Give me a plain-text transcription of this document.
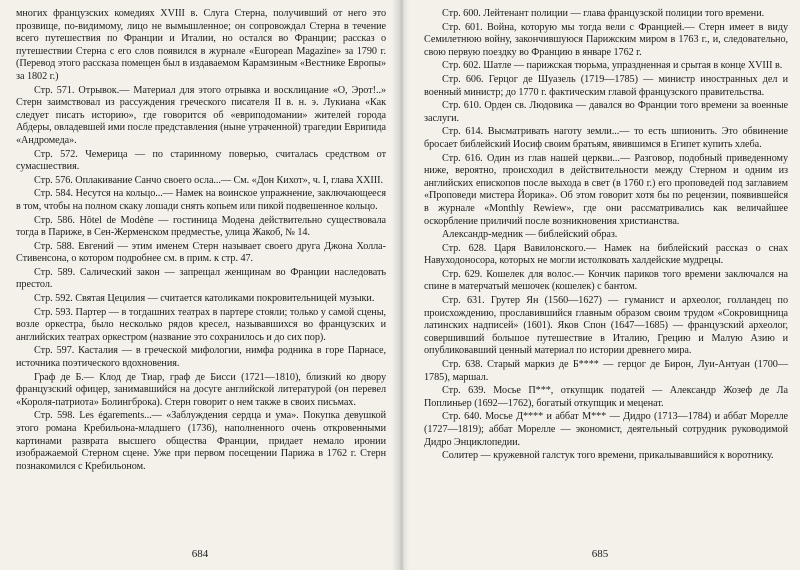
многих французских комедиях XVIII в. Слуга Стерна, получивший от него это прозвище, по-видимому, лицо не вымышленное; он сопровождал Стерна в течение всего путешествия по Франции и Италии, но остался во Франции; рассказ о путешествии Стерна с его слов появился в журнале «European Magazine» за 1790 г. (Перевод этого рассказа помещен был в издаваемом Карамзиным «Вестнике Европы» за 1802 г.)

Стр. 571. Отрывок.— Материал для этого отрывка и восклицание «О, Эрот!..» Стерн заимствовал из рассуждения греческого писателя II в. н. э. Лукиана «Как следует писать историю», где говорится об «евриподомании» жителей города Абдеры, овладевшей ими после представления (ныне утраченной) трагедии Еврипида «Андромеда».

Стр. 572. Чемерица — по старинному поверью, считалась средством от сумасшествия.

Стр. 576. Оплакивание Санчо своего осла...— См. «Дон Кихот», ч. I, глава XXIII.

Стр. 584. Несутся на кольцо...— Намек на воинское упражнение, заключающееся в том, чтобы на полном скаку лошади снять копьем или пикой подвешенное кольцо.

Стр. 586. Hôtel de Modène — гостиница Модена действительно существовала тогда в Париже, в Сен-Жерменском предместье, улица Жакоб, № 14.

Стр. 588. Евгений — этим именем Стерн называет своего друга Джона Холла-Стивенсона, о котором подробнее см. в прим. к стр. 47.

Стр. 589. Салический закон — запрещал женщинам во Франции наследовать престол.

Стр. 592. Святая Цецилия — считается католиками покровительницей музыки.

Стр. 593. Партер — в тогдашних театрах в партере стояли; только у самой сцены, возле оркестра, было несколько рядов кресел, называвшихся во французских и английских театрах оркестром (название это сохранилось и до сих пор).

Стр. 597. Касталия — в греческой мифологии, нимфа родника в горе Парнасе, источника поэтического вдохновения.

Граф де Б.— Клод де Тиар, граф де Бисси (1721—1810), близкий ко двору французский офицер, занимавшийся на досуге английской литературой (он перевел «Короля-патриота» Болингброка). Стерн говорит о нем также в своих письмах.

Стр. 598. Les égarements...— «Заблуждения сердца и ума». Покупка девушкой этого романа Кребильона-младшего (1736), наполненного очень откровенными картинами разврата высшего общества Франции, придает немало иронии изображаемой Стерном сцене. Уже при первом посещении Парижа в 1762 г. Стерн познакомился с Кребильоном.

684

Стр. 600. Лейтенант полиции — глава французской полиции того времени.

Стр. 601. Война, которую мы тогда вели с Францией.— Стерн имеет в виду Семилетнюю войну, закончившуюся Парижским миром в 1763 г., и, следовательно, свою первую поездку во Францию в январе 1762 г.

Стр. 602. Шатле — парижская тюрьма, упраздненная и срытая в конце XVIII в.

Стр. 606. Герцог де Шуазель (1719—1785) — министр иностранных дел и военный министр; до 1770 г. фактическим главой французского правительства.

Стр. 610. Орден св. Людовика — давался во Франции того времени за военные заслуги.

Стр. 614. Высматривать наготу земли...— то есть шпионить. Это обвинение бросает библейский Иосиф своим братьям, явившимся в Египет купить хлеба.

Стр. 616. Один из глав нашей церкви...— Разговор, подобный приведенному ниже, вероятно, происходил в действительности между Стерном и одним из английских епископов после выхода в свет (в 1760 г.) его проповедей под заглавием «Проповеди мистера Йорика». Об этом говорит хотя бы по рецензии, появившейся в журнале «Monthly Rewiew», где они рассматривались как величайшее оскорбление приличий после возникновения христианства.

Александр-медник — библейский образ.

Стр. 628. Царя Вавилонского.— Намек на библейский рассказ о снах Навуходоносора, которых не могли истолковать халдейские мудрецы.

Стр. 629. Кошелек для волос.— Кончик париков того времени заключался на спине в матерчатый мешочек (кошелек) с бантом.

Стр. 631. Грутер Ян (1560—1627) — гуманист и археолог, голландец по происхождению, прославившийся главным образом своим трудом «Сокровищница латинских надписей» (1601). Яков Спон (1647—1685) — французский археолог, совершивший большое путешествие в Италию, Грецию и Малую Азию и опубликовавший ценный материал по истории древнего мира.

Стр. 638. Старый маркиз де Б**** — герцог де Бирон, Луи-Антуан (1700—1785), маршал.

Стр. 639. Мосье П***, откупщик податей — Александр Жозеф де Ла Поплиньер (1692—1762), богатый откупщик и меценат.

Стр. 640. Мосье Д**** и аббат М*** — Дидро (1713—1784) и аббат Морелле (1727—1819); аббат Морелле — экономист, деятельный сотрудник руководимой Дидро Энциклопедии.

Солитер — кружевной галстук того времени, прикалывавшийся к воротнику.

685
